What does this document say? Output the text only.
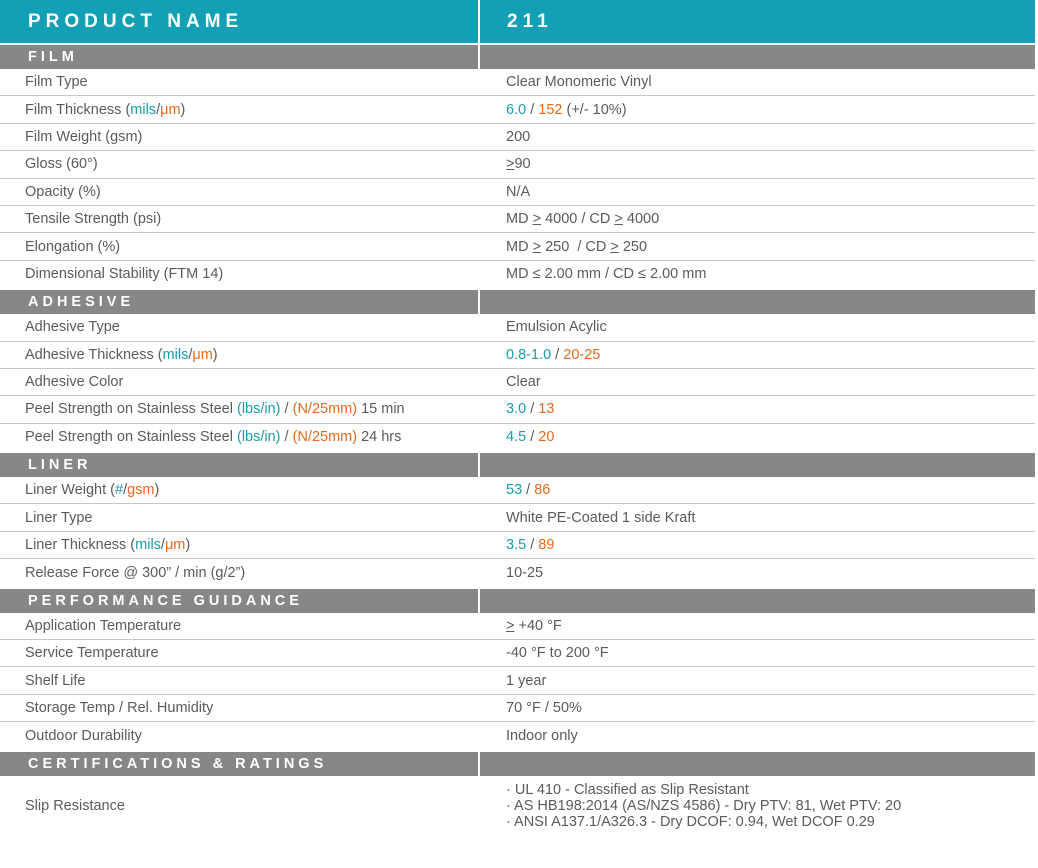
PRODUCT NAME	211
FILM
Film Type	Clear Monomeric Vinyl
Film Thickness ( mils / μm )	6.0 / 152 (+/- 10%)
Film Weight (gsm)	200
Gloss (60°)	≥90
Opacity (%)	N/A
Tensile Strength (psi)	MD ≥ 4000 / CD ≥ 4000
Elongation (%)	MD ≥ 250  / CD ≥ 250
Dimensional Stability (FTM 14)	MD ≤ 2.00 mm / CD ≤ 2.00 mm
ADHESIVE
Adhesive Type	Emulsion Acylic
Adhesive Thickness ( mils / μm )	0.8-1.0 / 20-25
Adhesive Color	Clear
Peel Strength on Stainless Steel (lbs/in) / (N/25mm) 15 min	3.0 / 13
Peel Strength on Stainless Steel (lbs/in) / (N/25mm) 24 hrs	4.5 / 20
LINER
Liner Weight ( # / gsm )	53 / 86
Liner Type	White PE-Coated 1 side Kraft
Liner Thickness ( mils / μm )	3.5 / 89
Release Force @ 300” / min (g/2”)	10-25
PERFORMANCE GUIDANCE
Application Temperature	≥ +40 °F
Service Temperature	-40 °F to 200 °F
Shelf Life	1 year
Storage Temp / Rel. Humidity	70 °F / 50%
Outdoor Durability	Indoor only
CERTIFICATIONS & RATINGS
Slip Resistance
· UL 410 - Classified as Slip Resistant
· AS HB198:2014 (AS/NZS 4586) - Dry PTV: 81, Wet PTV: 20
· ANSI A137.1/A326.3 - Dry DCOF: 0.94, Wet DCOF 0.29
